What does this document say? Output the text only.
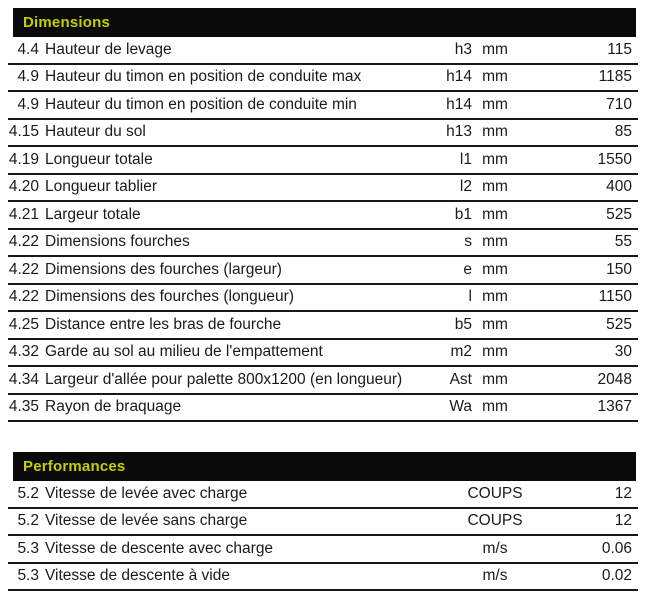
Dimensions
4.4 Hauteur de levage	h3 mm	115
4.9 Hauteur du timon en position de conduite max	h14 mm	1185
4.9 Hauteur du timon en position de conduite min	h14 mm	710
4.15 Hauteur du sol	h13 mm	85
4.19 Longueur totale	l1 mm	1550
4.20 Longueur tablier	l2 mm	400
4.21 Largeur totale	b1 mm	525
4.22 Dimensions fourches	s mm	55
4.22 Dimensions des fourches (largeur)	e mm	150
4.22 Dimensions des fourches (longueur)	l mm	1150
4.25 Distance entre les bras de fourche	b5 mm	525
4.32 Garde au sol au milieu de l'empattement	m2 mm	30
4.34 Largeur d'allée pour palette 800x1200 (en longueur)	Ast mm	2048
4.35 Rayon de braquage	Wa mm	1367
Performances
5.2 Vitesse de levée avec charge	COUPS	12
5.2 Vitesse de levée sans charge	COUPS	12
5.3 Vitesse de descente avec charge	m/s	0.06
5.3 Vitesse de descente à vide	m/s	0.02
